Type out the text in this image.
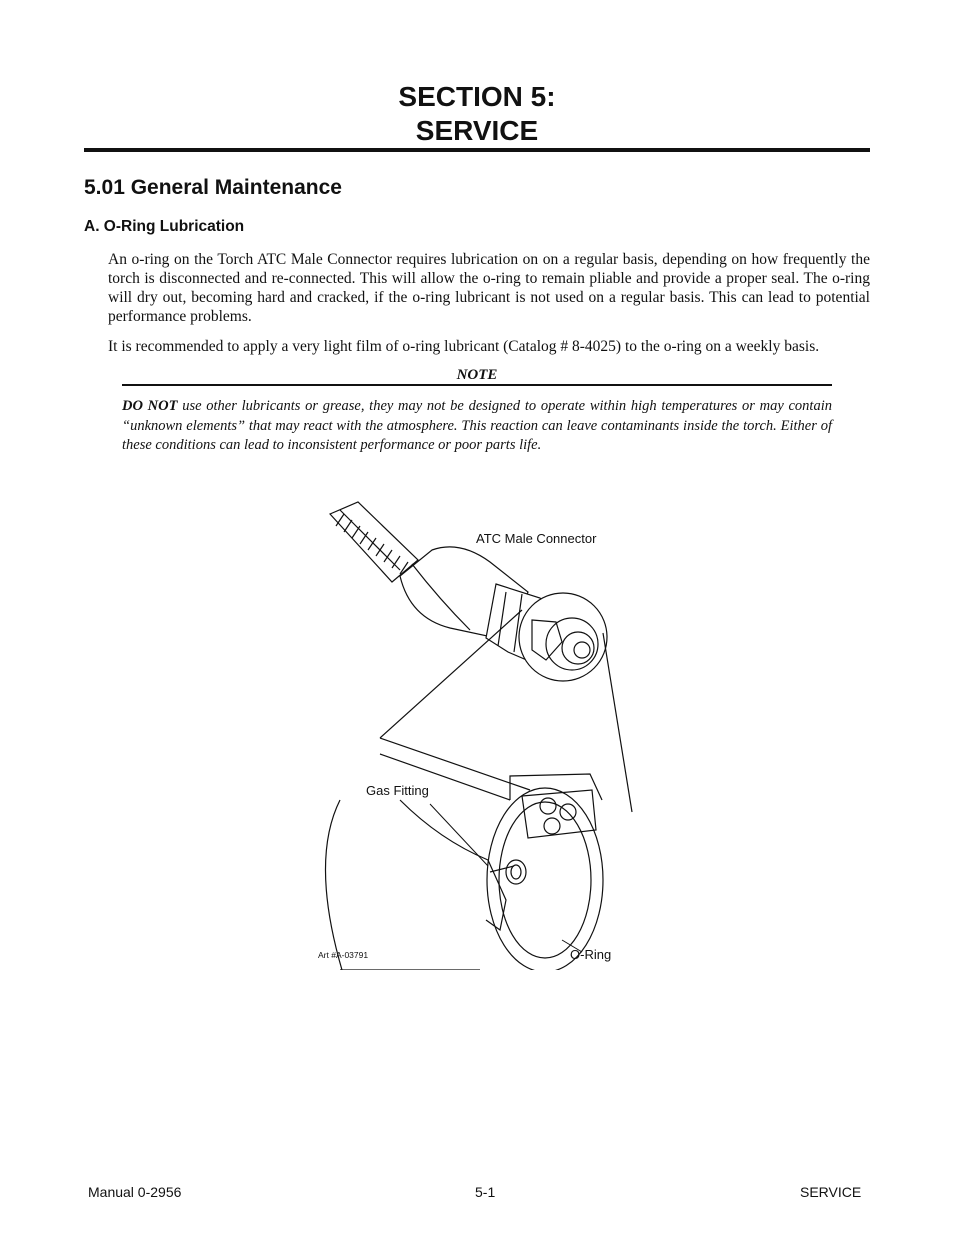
SECTION 5:
SERVICE
5.01 General Maintenance
A. O-Ring Lubrication
An o-ring on the Torch ATC Male Connector requires lubrication on on a regular basis, depending on how frequently the torch is disconnected and re-connected. This will allow the o-ring to remain pliable and provide a proper seal. The o-ring will dry out, becoming hard and cracked, if the o-ring lubricant is not used on a regular basis. This can lead to potential performance problems.
It is recommended to apply a very light film of o-ring lubricant (Catalog # 8-4025) to the o-ring on a weekly basis.
NOTE
DO NOT use other lubricants or grease, they may not be designed to operate within high temperatures or may contain “unknown elements” that may react with the atmosphere. This reaction can leave contaminants inside the torch. Either of these conditions can lead to inconsistent performance or poor parts life.
ATC Male Connector
Gas Fitting
O-Ring
Art #A-03791
Manual 0-2956	5-1	SERVICE
